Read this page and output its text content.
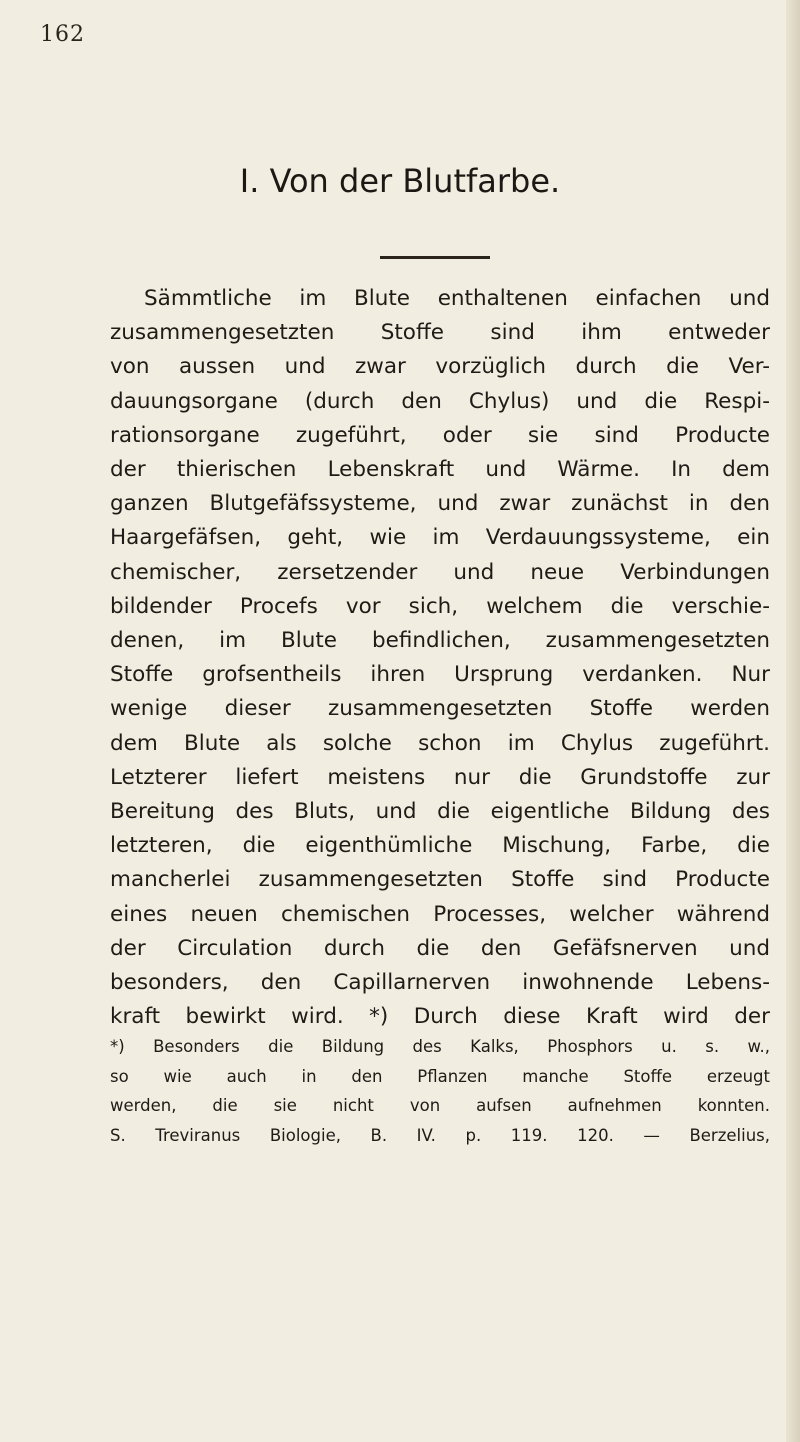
162
I. Von der Blutfarbe.
Sämmtliche im Blute enthaltenen einfachen und
zusammengesetzten Stoffe sind ihm entweder
von aussen und zwar vorzüglich durch die Ver-
dauungsorgane (durch den Chylus) und die Respi-
rationsorgane zugeführt, oder sie sind Producte
der thierischen Lebenskraft und Wärme. In dem
ganzen Blutgefäfssysteme, und zwar zunächst in den
Haargefäfsen, geht, wie im Verdauungssysteme, ein
chemischer, zersetzender und neue Verbindungen
bildender Procefs vor sich, welchem die verschie-
denen, im Blute befindlichen, zusammengesetzten
Stoffe grofsentheils ihren Ursprung verdanken. Nur
wenige dieser zusammengesetzten Stoffe werden
dem Blute als solche schon im Chylus zugeführt.
Letzterer liefert meistens nur die Grundstoffe zur
Bereitung des Bluts, und die eigentliche Bildung des
letzteren, die eigenthümliche Mischung, Farbe, die
mancherlei zusammengesetzten Stoffe sind Producte
eines neuen chemischen Processes, welcher während
der Circulation durch die den Gefäfsnerven und
besonders, den Capillarnerven inwohnende Lebens-
kraft bewirkt wird. *) Durch diese Kraft wird der
*) Besonders die Bildung des Kalks, Phosphors u. s. w.,
so wie auch in den Pflanzen manche Stoffe erzeugt
werden, die sie nicht von aufsen aufnehmen konnten.
S. Treviranus Biologie, B. IV. p. 119. 120. — Berzelius,
